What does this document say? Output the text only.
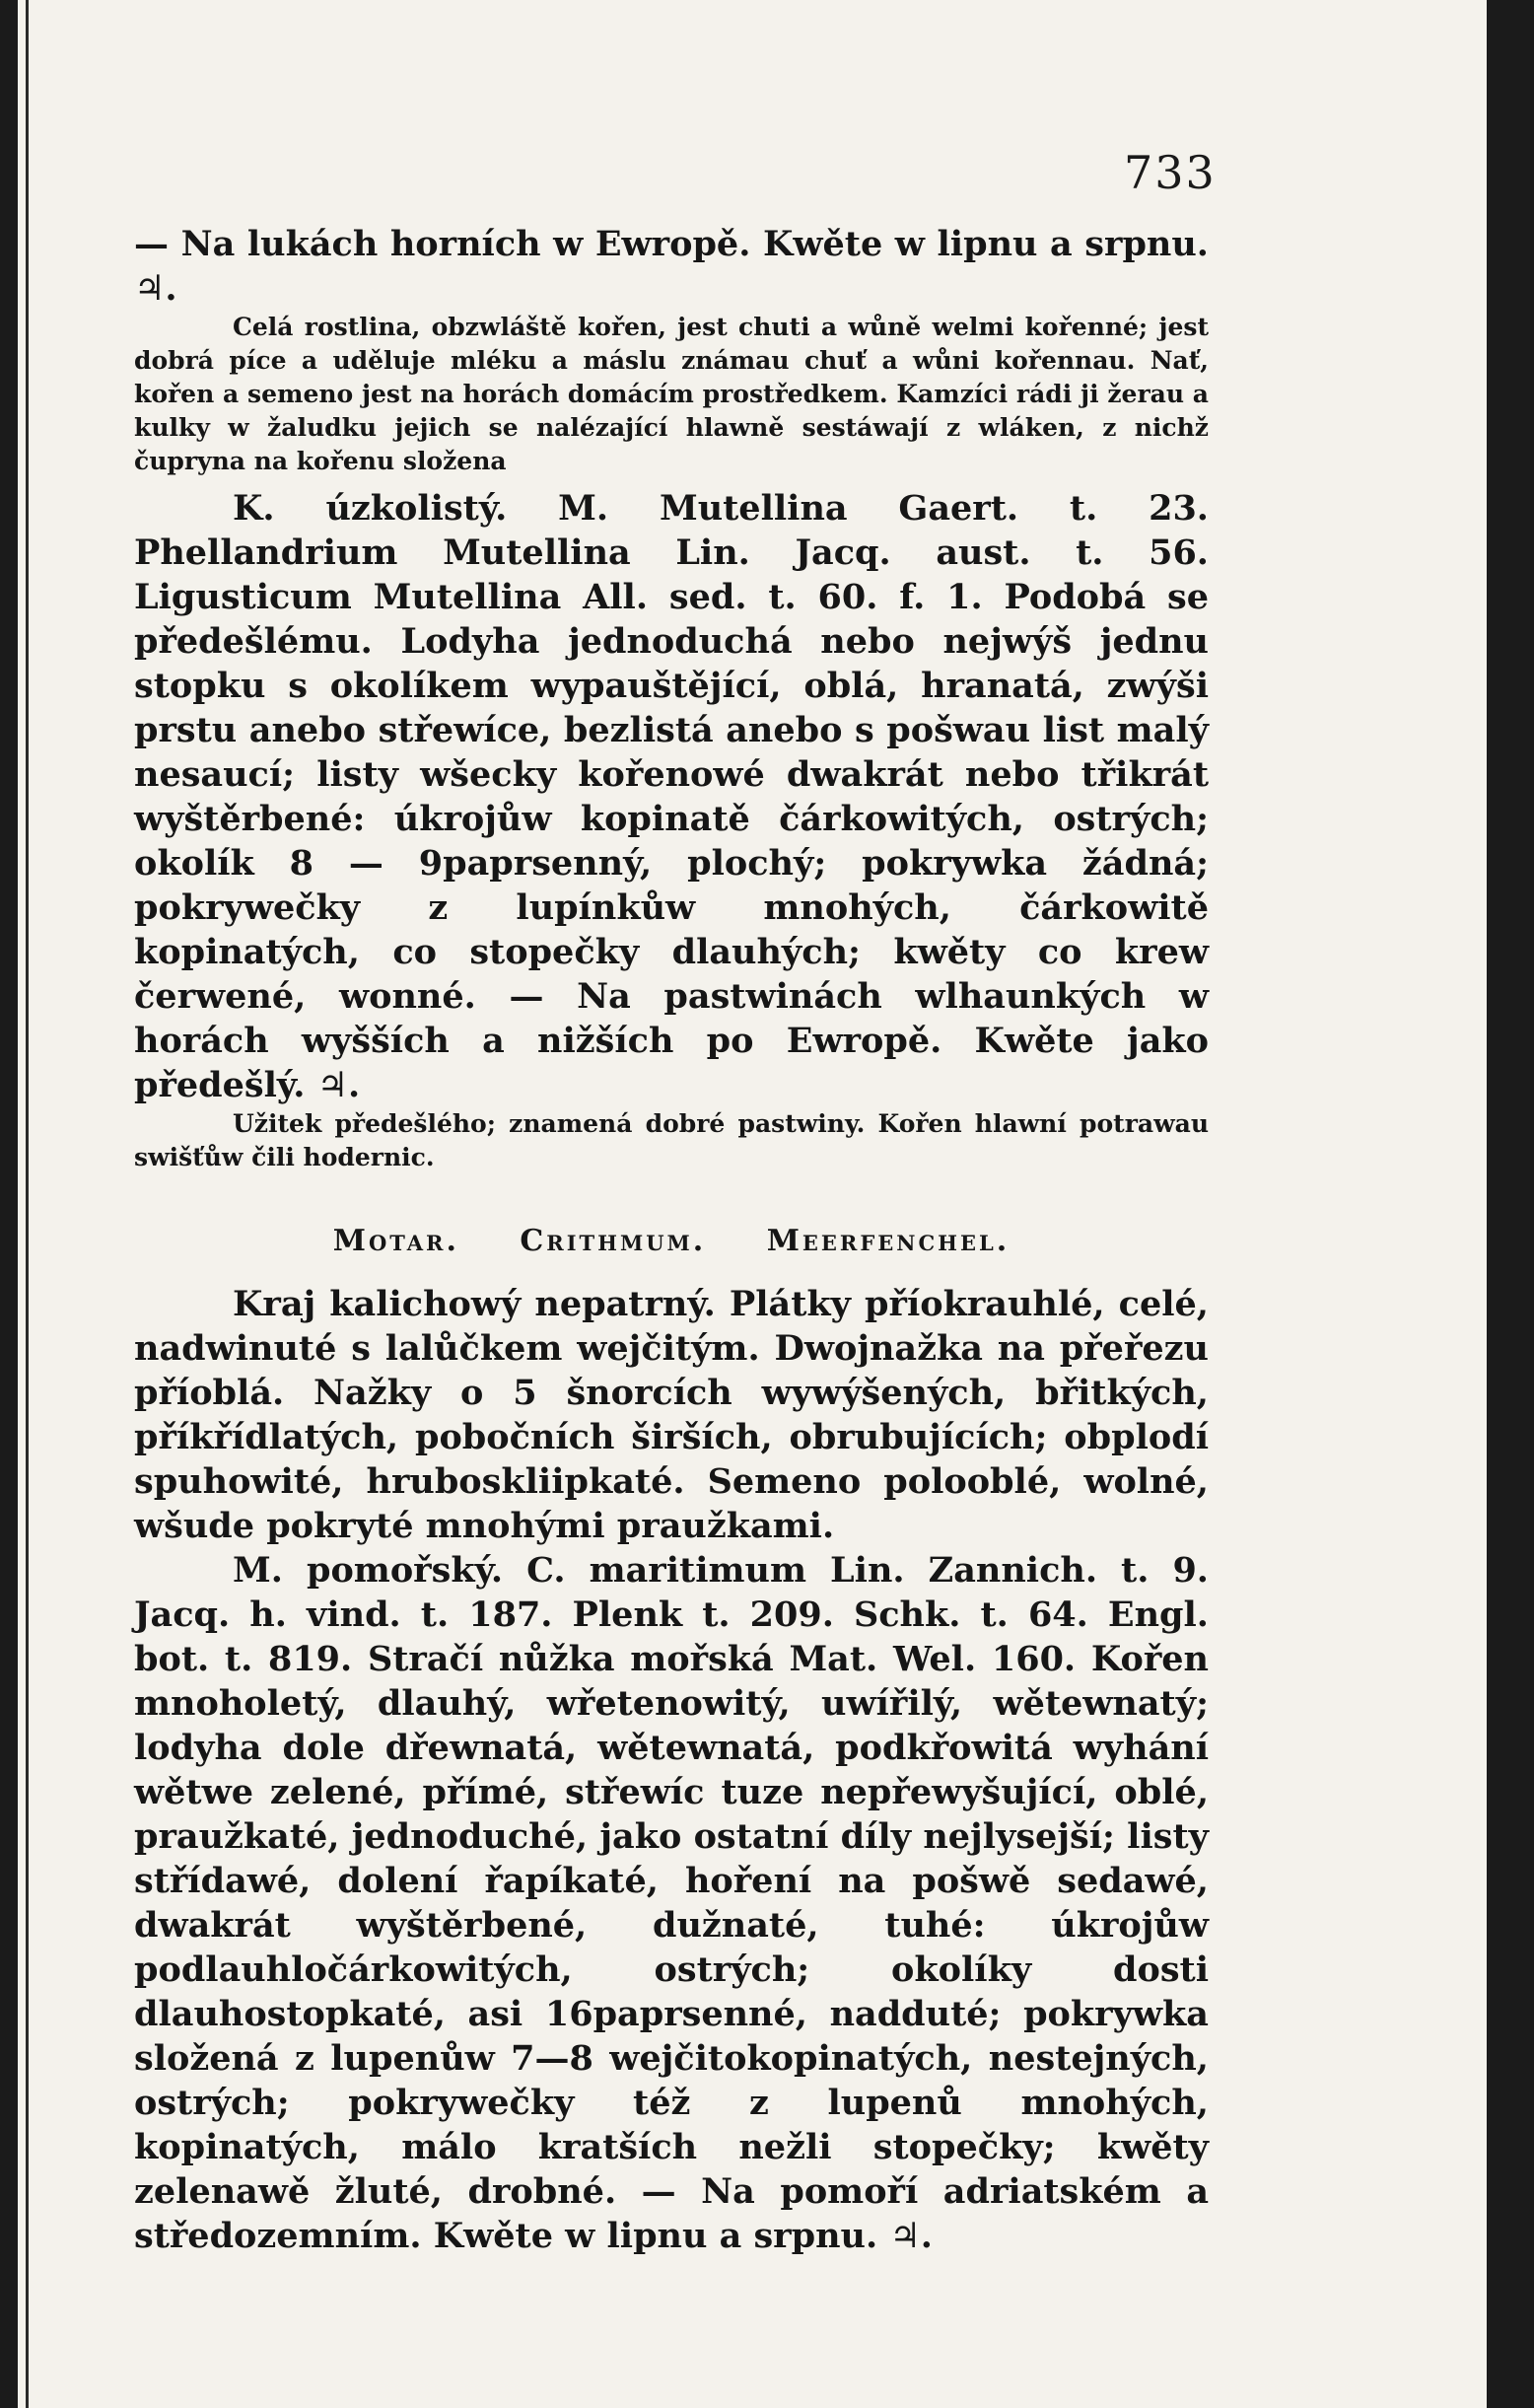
733

— Na lukách horních w Ewropě. Kwěte w lipnu a srpnu. ♃.

Celá rostlina, obzwláště kořen, jest chuti a wůně welmi kořenné; jest dobrá píce a uděluje mléku a máslu známau chuť a wůni kořennau. Nať, kořen a semeno jest na horách domácím prostředkem. Kamzíci rádi ji žerau a kulky w žaludku jejich se nalézající hlawně sestáwají z wláken, z nichž čupryna na kořenu složena

K. úzkolistý. M. Mutellina Gaert. t. 23. Phellandrium Mutellina Lin. Jacq. aust. t. 56. Ligusticum Mutellina All. sed. t. 60. f. 1. Podobá se předešlému. Lodyha jednoduchá nebo nejwýš jednu stopku s okolíkem wypauštějící, oblá, hranatá, zwýši prstu anebo střewíce, bezlistá anebo s pošwau list malý nesaucí; listy wšecky kořenowé dwakrát nebo třikrát wyštěrbené: úkrojůw kopinatě čárkowitých, ostrých; okolík 8 — 9paprsenný, plochý; pokrywka žádná; pokrywečky z lupínkůw mnohých, čárkowitě kopinatých, co stopečky dlauhých; kwěty co krew čerwené, wonné. — Na pastwinách wlhaunkých w horách wyšších a nižších po Ewropě. Kwěte jako předešlý. ♃.

Užitek předešlého; znamená dobré pastwiny. Kořen hlawní potrawau swišťůw čili hodernic.

Motar. Crithmum. Meerfenchel.

Kraj kalichowý nepatrný. Plátky příokrauhlé, celé, nadwinuté s lalůčkem wejčitým. Dwojnažka na přeřezu příoblá. Nažky o 5 šnorcích wywýšených, břitkých, příkřídlatých, pobočních širších, obrubujících; obplodí spuhowité, hruboskliipkaté. Semeno polooblé, wolné, wšude pokryté mnohými praužkami.

M. pomořský. C. maritimum Lin. Zannich. t. 9. Jacq. h. vind. t. 187. Plenk t. 209. Schk. t. 64. Engl. bot. t. 819. Stračí nůžka mořská Mat. Wel. 160. Kořen mnoholetý, dlauhý, wřetenowitý, uwířilý, wětewnatý; lodyha dole dřewnatá, wětewnatá, podkřowitá wyhání wětwe zelené, přímé, střewíc tuze nepřewyšující, oblé, praužkaté, jednoduché, jako ostatní díly nejlysejší; listy střídawé, dolení řapíkaté, hoření na pošwě sedawé, dwakrát wyštěrbené, dužnaté, tuhé: úkrojůw podlauhločárkowitých, ostrých; okolíky dosti dlauhostopkaté, asi 16paprsenné, nadduté; pokrywka složená z lupenůw 7—8 wejčitokopinatých, nestejných, ostrých; pokrywečky též z lupenů mnohých, kopinatých, málo kratších nežli stopečky; kwěty zelenawě žluté, drobné. — Na pomoří adriatském a středozemním. Kwěte w lipnu a srpnu. ♃.
